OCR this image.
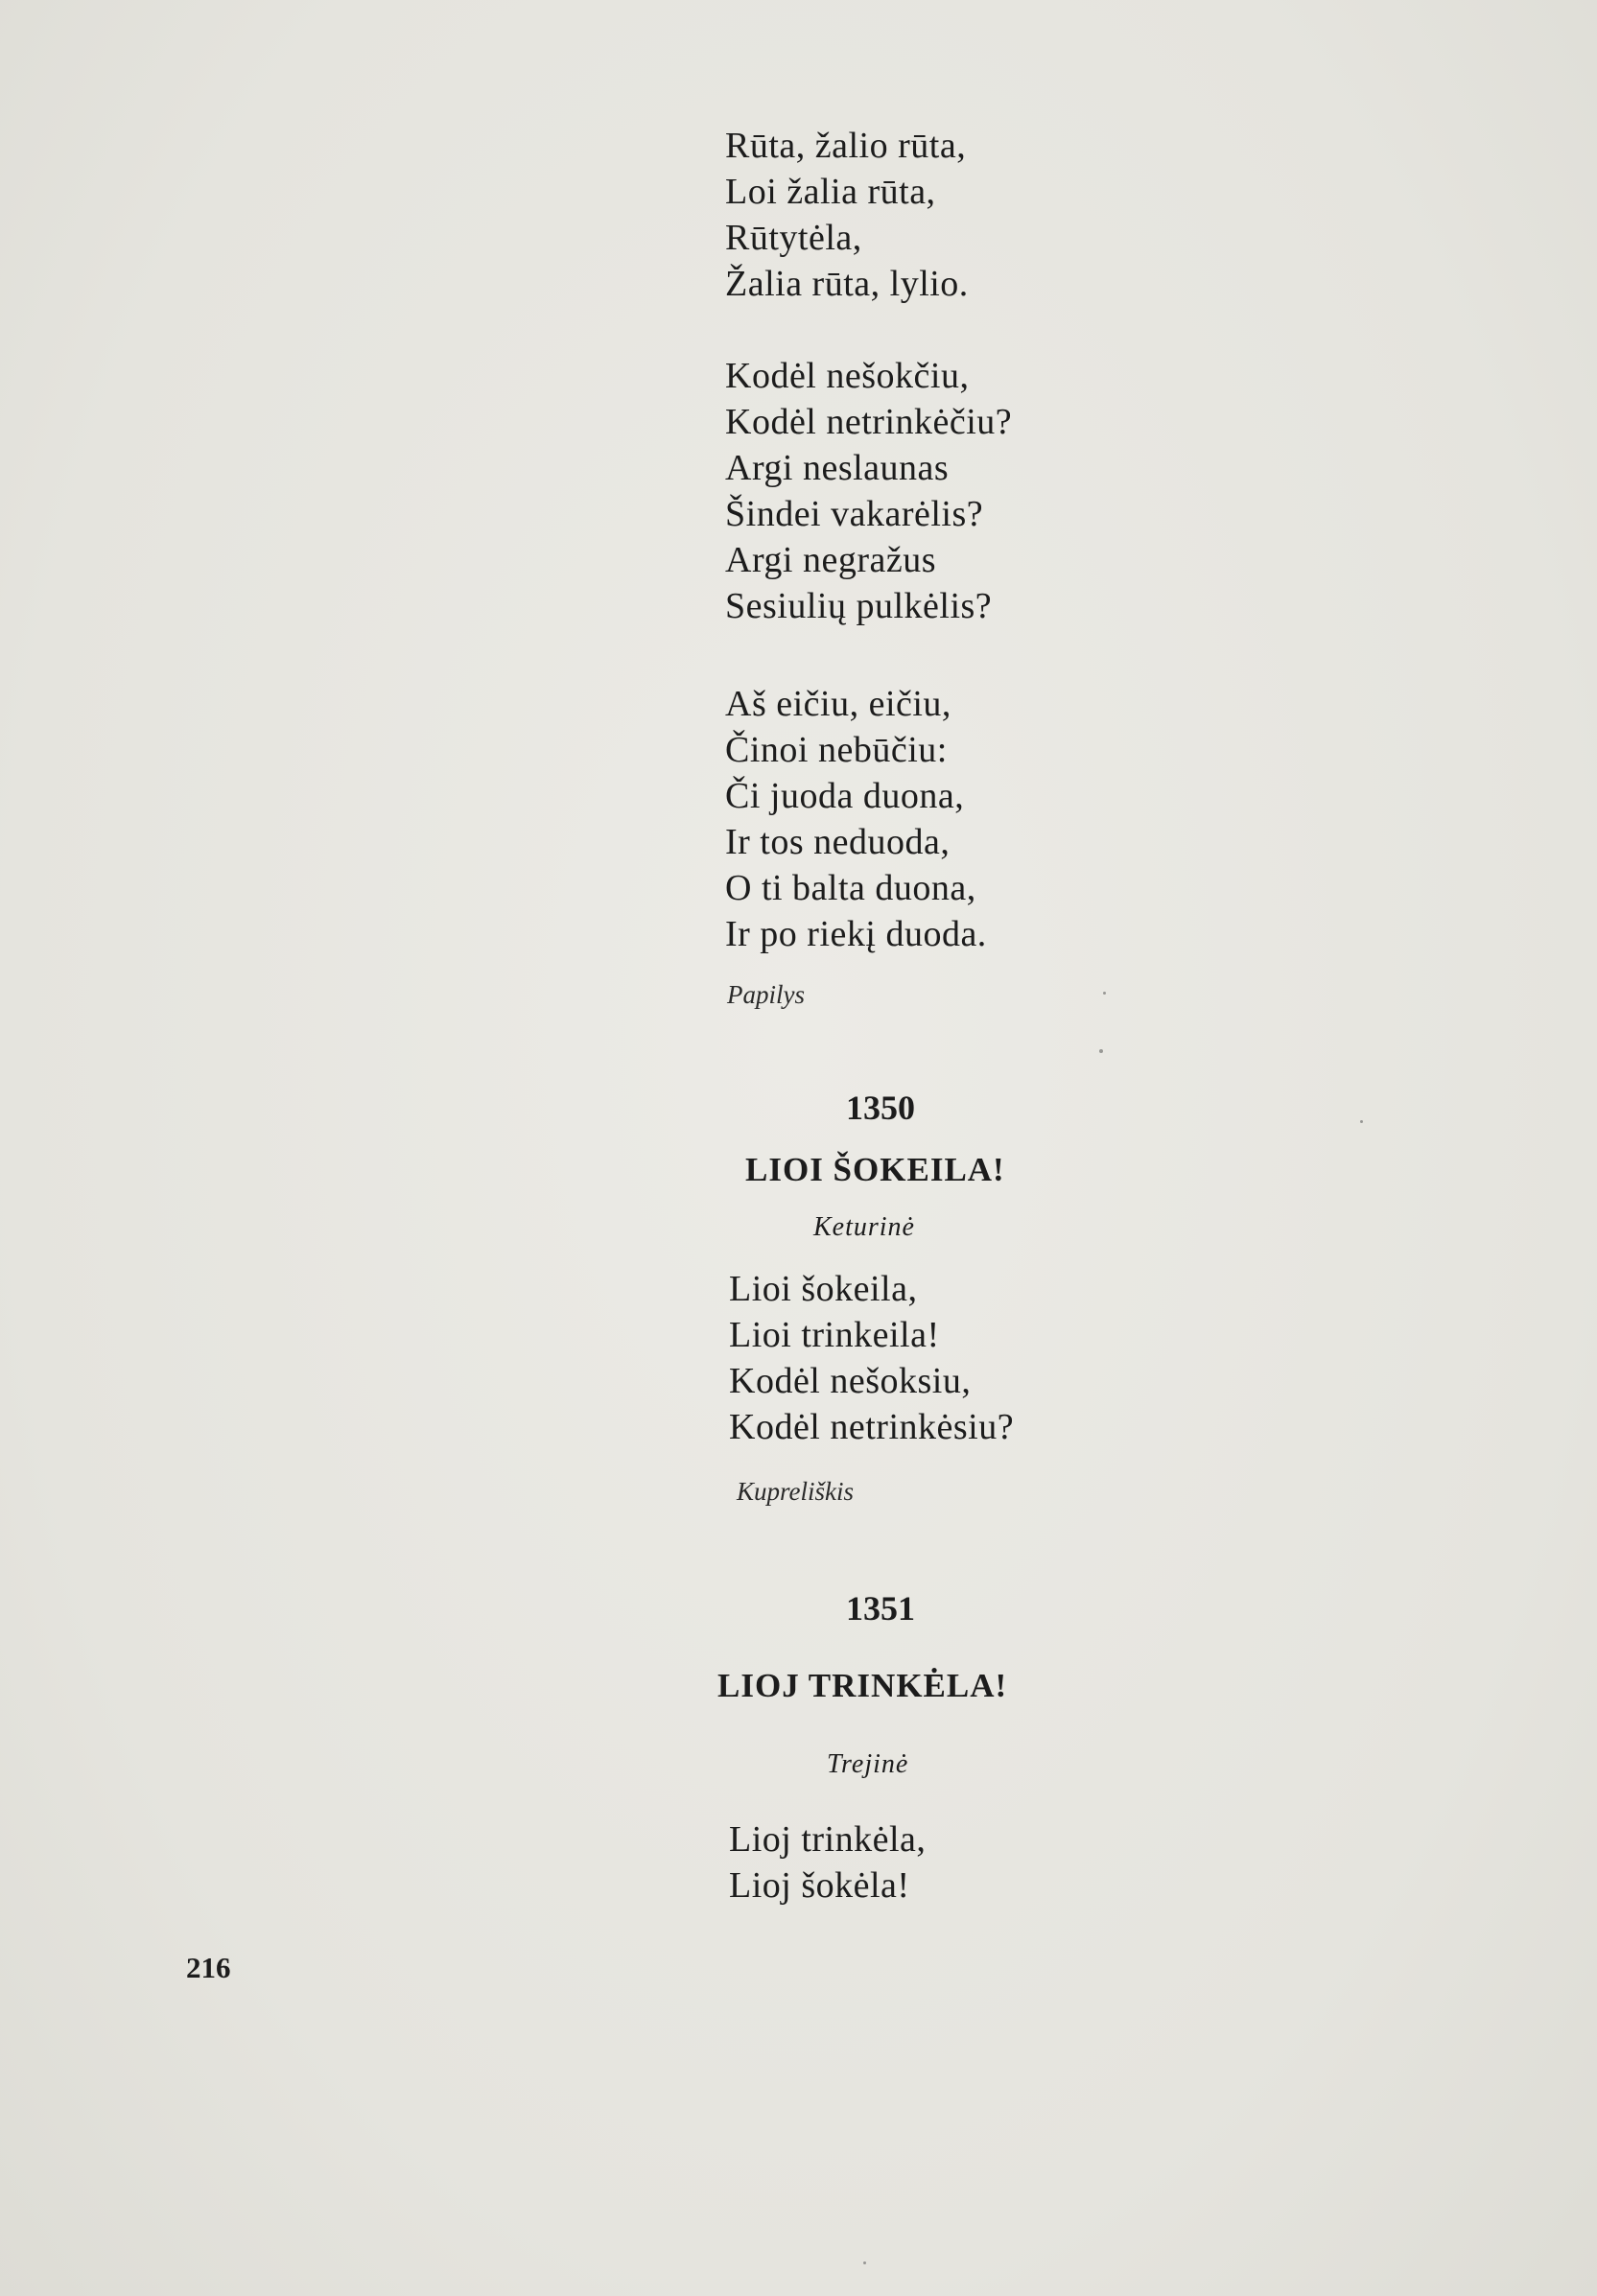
Rūta, žalio rūta,
Loi žalia rūta,
Rūtytėla,
Žalia rūta, lylio.
Kodėl nešokčiu,
Kodėl netrinkėčiu?
Argi neslaunas
Šindei vakarėlis?
Argi negražus
Sesiulių pulkėlis?
Aš eičiu, eičiu,
Činoi nebūčiu:
Či juoda duona,
Ir tos neduoda,
O ti balta duona,
Ir po riekį duoda.
Papilys
1350
LIOI ŠOKEILA!
Keturinė
Lioi šokeila,
Lioi trinkeila!
Kodėl nešoksiu,
Kodėl netrinkėsiu?
Kupreliškis
1351
LIOJ TRINKĖLA!
Trejinė
Lioj trinkėla,
Lioj šokėla!
216
